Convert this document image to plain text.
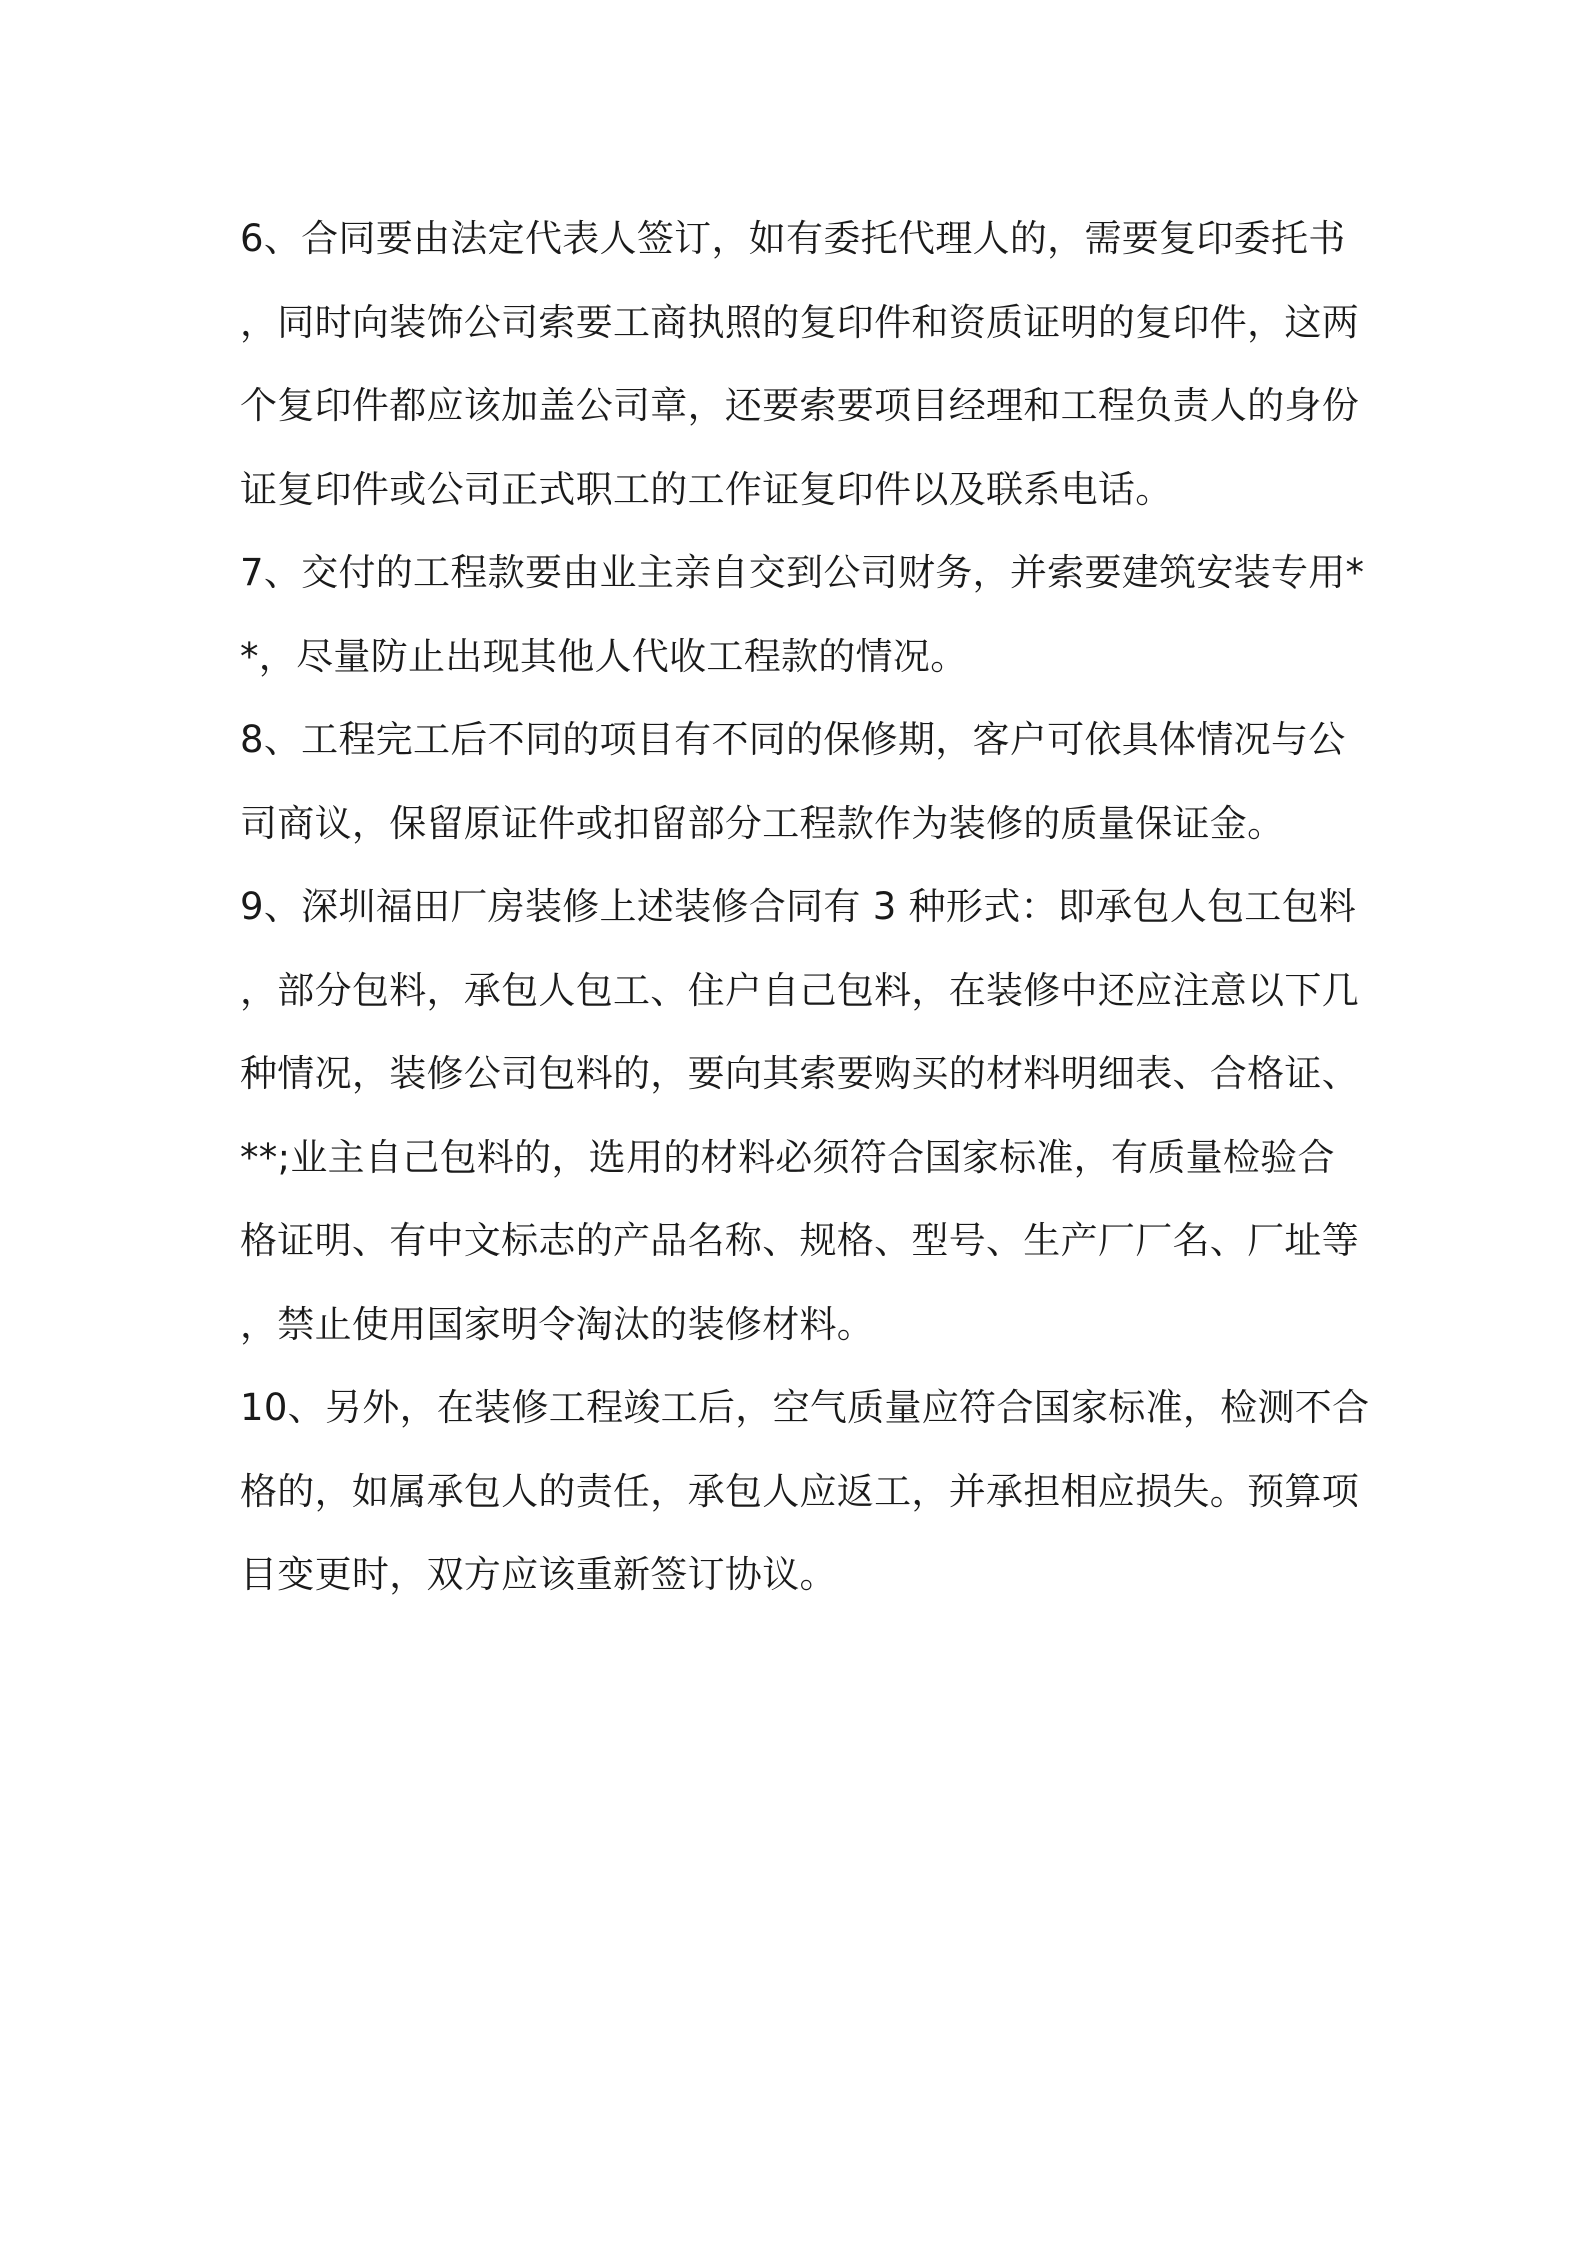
6、合同要由法定代表人签订，如有委托代理人的，需要复印委托书
，同时向装饰公司索要工商执照的复印件和资质证明的复印件，这两
个复印件都应该加盖公司章，还要索要项目经理和工程负责人的身份
证复印件或公司正式职工的工作证复印件以及联系电话。
7、交付的工程款要由业主亲自交到公司财务，并索要建筑安装专用*
*，尽量防止出现其他人代收工程款的情况。
8、工程完工后不同的项目有不同的保修期，客户可依具体情况与公
司商议，保留原证件或扣留部分工程款作为装修的质量保证金。
9、深圳福田厂房装修上述装修合同有 3 种形式：即承包人包工包料
，部分包料，承包人包工、住户自己包料，在装修中还应注意以下几
种情况，装修公司包料的，要向其索要购买的材料明细表、合格证、
**;业主自己包料的，选用的材料必须符合国家标准，有质量检验合
格证明、有中文标志的产品名称、规格、型号、生产厂厂名、厂址等
，禁止使用国家明令淘汰的装修材料。
10、另外，在装修工程竣工后，空气质量应符合国家标准，检测不合
格的，如属承包人的责任，承包人应返工，并承担相应损失。预算项
目变更时，双方应该重新签订协议。
